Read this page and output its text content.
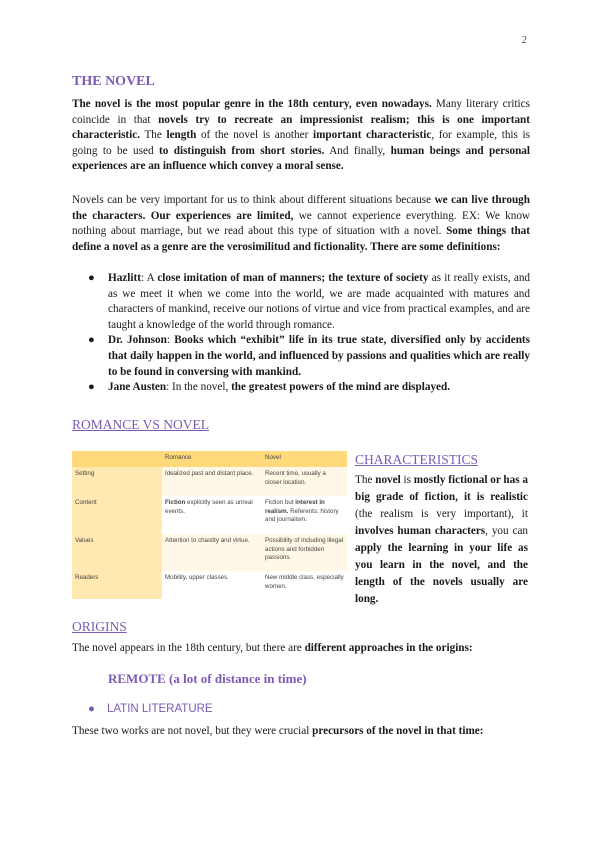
2
THE NOVEL
The novel is the most popular genre in the 18th century, even nowadays. Many literary critics coincide in that novels try to recreate an impressionist realism; this is one important characteristic. The length of the novel is another important characteristic, for example, this is going to be used to distinguish from short stories. And finally, human beings and personal experiences are an influence which convey a moral sense.
Novels can be very important for us to think about different situations because we can live through the characters. Our experiences are limited, we cannot experience everything. EX: We know nothing about marriage, but we read about this type of situation with a novel. Some things that define a novel as a genre are the verosimilitud and fictionality. There are some definitions:
● Hazlitt: A close imitation of man of manners; the texture of society as it really exists, and as we meet it when we come into the world, we are made acquainted with matures and characters of mankind, receive our notions of virtue and vice from practical examples, and are taught a knowledge of the world through romance.
● Dr. Johnson: Books which “exhibit” life in its true state, diversified only by accidents that daily happen in the world, and influenced by passions and qualities which are really to be found in conversing with mankind.
● Jane Austen: In the novel, the greatest powers of the mind are displayed.
ROMANCE VS NOVEL
	Romance	Novel
Setting	Idealized past and distant place.	Recent time, usually a closer location.
Content	Fiction explicitly seen as unreal events.	Fiction but interest in realism. Referents: history and journalism.
Values	Attention to chastity and virtue.	Possibility of including illegal actions and forbidden passions.
Readers	Mobility, upper classes.	New middle class, especially women.
CHARACTERISTICS
The novel is mostly fictional or has a big grade of fiction, it is realistic (the realism is very important), it involves human characters, you can apply the learning in your life as you learn in the novel, and the length of the novels usually are long.
ORIGINS
The novel appears in the 18th century, but there are different approaches in the origins:
REMOTE (a lot of distance in time)
● LATIN LITERATURE
These two works are not novel, but they were crucial precursors of the novel in that time:
